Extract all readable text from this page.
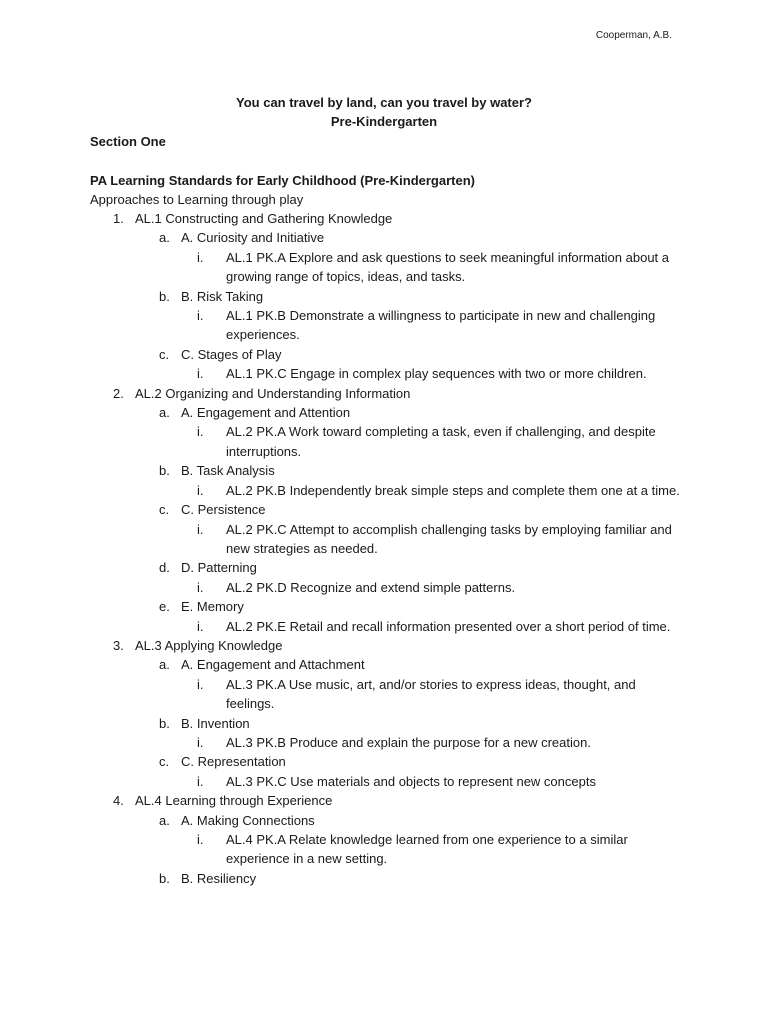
Cooperman, A.B.
You can travel by land, can you travel by water?
Pre-Kindergarten
Section One
PA Learning Standards for Early Childhood (Pre-Kindergarten)
Approaches to Learning through play
1. AL.1 Constructing and Gathering Knowledge
a. A. Curiosity and Initiative
i. AL.1 PK.A Explore and ask questions to seek meaningful information about a growing range of topics, ideas, and tasks.
b. B. Risk Taking
i. AL.1 PK.B Demonstrate a willingness to participate in new and challenging experiences.
c. C. Stages of Play
i. AL.1 PK.C Engage in complex play sequences with two or more children.
2. AL.2 Organizing and Understanding Information
a. A. Engagement and Attention
i. AL.2 PK.A Work toward completing a task, even if challenging, and despite interruptions.
b. B. Task Analysis
i. AL.2 PK.B Independently break simple steps and complete them one at a time.
c. C. Persistence
i. AL.2 PK.C Attempt to accomplish challenging tasks by employing familiar and new strategies as needed.
d. D. Patterning
i. AL.2 PK.D Recognize and extend simple patterns.
e. E. Memory
i. AL.2 PK.E Retail and recall information presented over a short period of time.
3. AL.3 Applying Knowledge
a. A. Engagement and Attachment
i. AL.3 PK.A Use music, art, and/or stories to express ideas, thought, and feelings.
b. B. Invention
i. AL.3 PK.B Produce and explain the purpose for a new creation.
c. C. Representation
i. AL.3 PK.C Use materials and objects to represent new concepts
4. AL.4 Learning through Experience
a. A. Making Connections
i. AL.4 PK.A Relate knowledge learned from one experience to a similar experience in a new setting.
b. B. Resiliency
